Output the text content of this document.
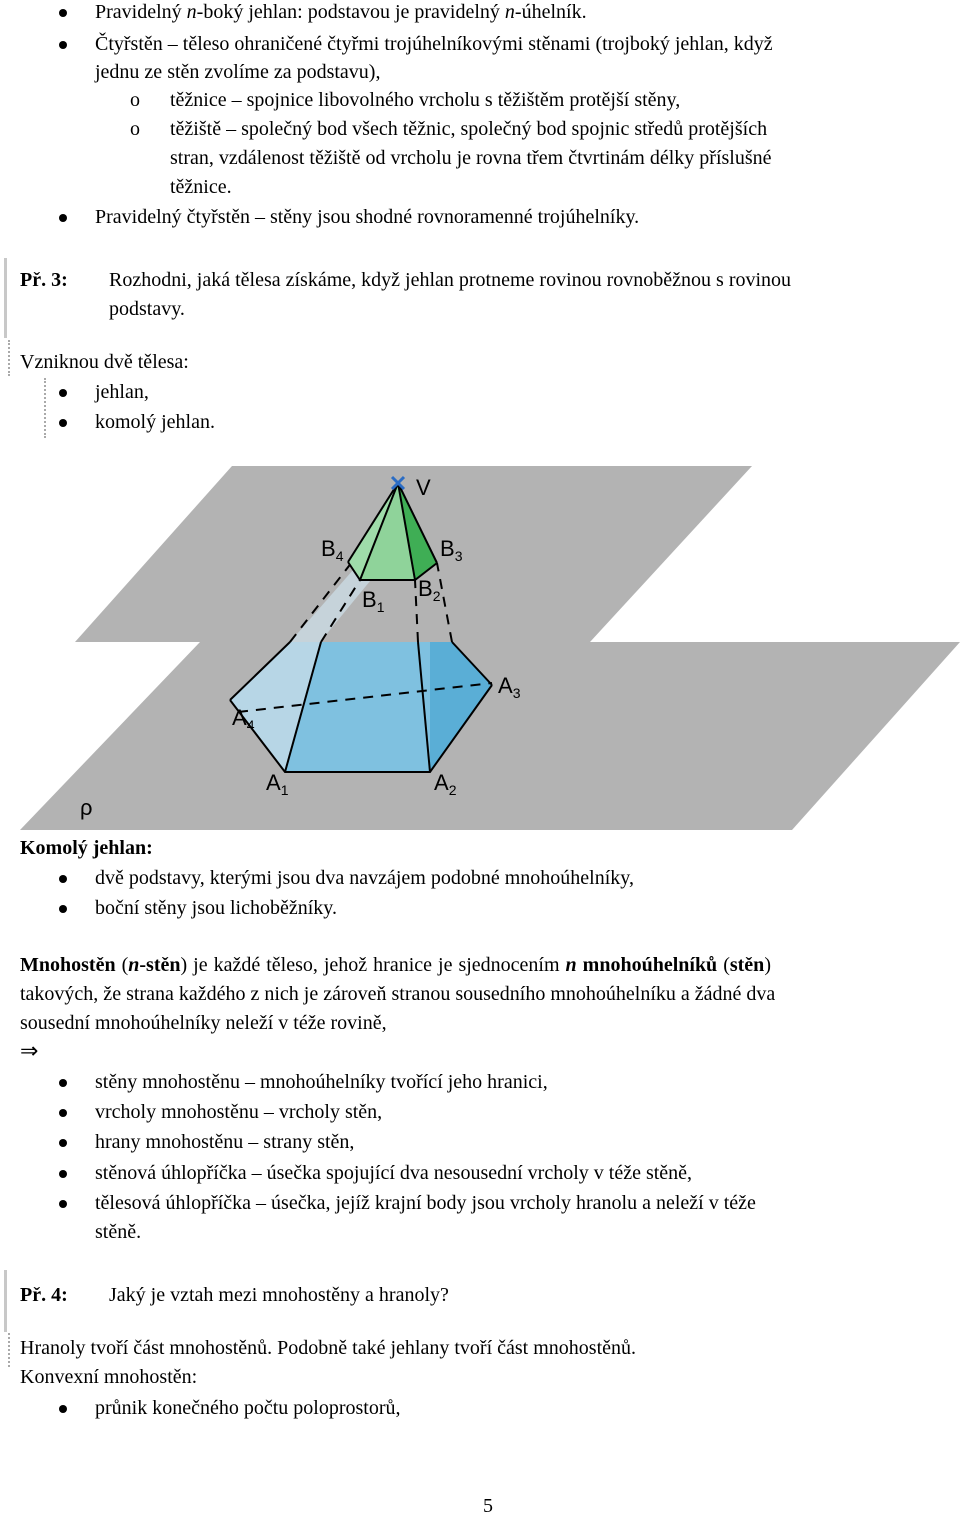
Pravidelný n-boký jehlan: podstavou je pravidelný n-úhelník.
Čtyřstěn – těleso ohraničené čtyřmi trojúhelníkovými stěnami (trojboký jehlan, když
jednu ze stěn zvolíme za podstavu),
o těžnice – spojnice libovolného vrcholu s těžištěm protější stěny,
o těžiště – společný bod všech těžnic, společný bod spojnic středů protějších
stran, vzdálenost těžiště od vrcholu je rovna třem čtvrtinám délky příslušné
těžnice.
Pravidelný čtyřstěn – stěny jsou shodné rovnoramenné trojúhelníky.
Př. 3: Rozhodni, jaká tělesa získáme, když jehlan protneme rovinou rovnoběžnou s rovinou
podstavy.
Vzniknou dvě tělesa:
jehlan,
komolý jehlan.
V
$B_4$	$B_3$
$B_1$
$B_2$
$A_3$
$A_4$
$A_1$	$A_2$
ρ
Komolý jehlan:
dvě podstavy, kterými jsou dva navzájem podobné mnohoúhelníky,
boční stěny jsou lichoběžníky.
Mnohostěn (n-stěn) je každé těleso, jehož hranice je sjednocením n mnohoúhelníků (stěn)
takových, že strana každého z nich je zároveň stranou sousedního mnohoúhelníku a žádné dva
sousední mnohoúhelníky neleží v téže rovině,
⇒
stěny mnohostěnu – mnohoúhelníky tvořící jeho hranici,
vrcholy mnohostěnu – vrcholy stěn,
hrany mnohostěnu – strany stěn,
stěnová úhlopříčka – úsečka spojující dva nesousední vrcholy v téže stěně,
tělesová úhlopříčka – úsečka, jejíž krajní body jsou vrcholy hranolu a neleží v téže
stěně.
Př. 4: Jaký je vztah mezi mnohostěny a hranoly?
Hranoly tvoří část mnohostěnů. Podobně také jehlany tvoří část mnohostěnů.
Konvexní mnohostěn:
průnik konečného počtu poloprostorů,
5
